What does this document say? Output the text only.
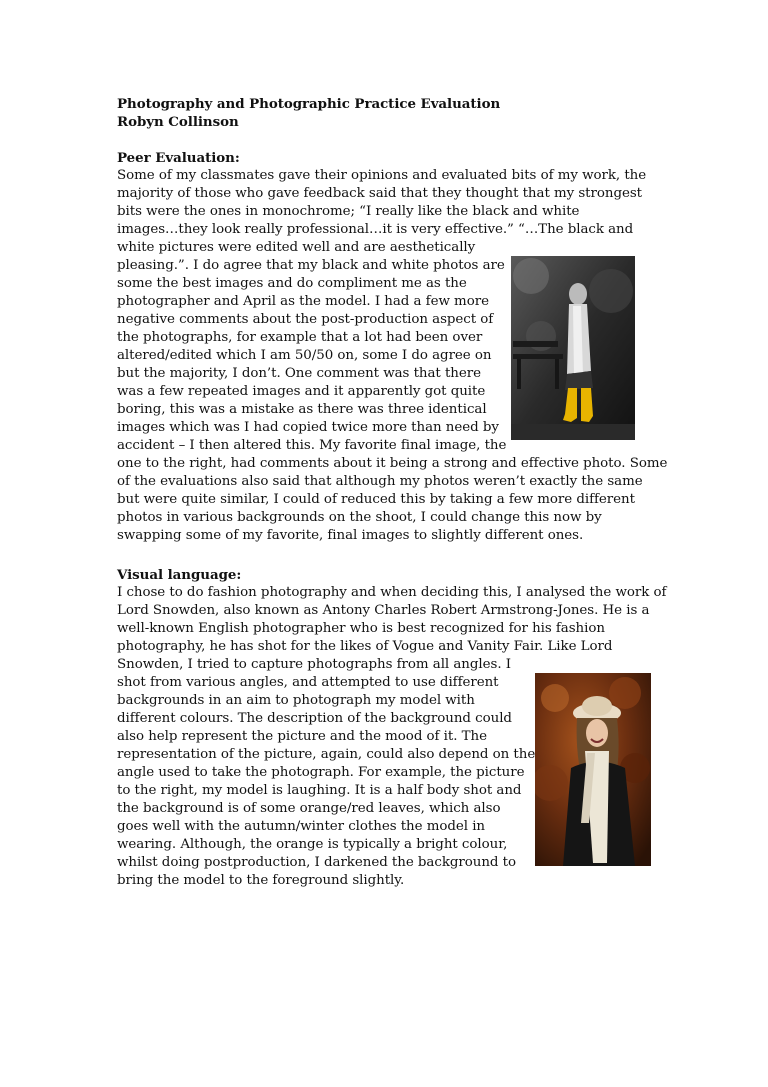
Photography and Photographic Practice Evaluation
Robyn Collinson
Peer Evaluation:
Some of my classmates gave their opinions and evaluated bits of my work, the
majority of those who gave feedback said that they thought that my strongest
bits were the ones in monochrome; “I really like the black and white
images…they look really professional…it is very effective.” “…The black and
white pictures were edited well and are aesthetically
pleasing.”. I do agree that my black and white photos are
some the best images and do compliment me as the
photographer and April as the model. I had a few more
negative comments about the post-production aspect of
the photographs, for example that a lot had been over
altered/edited which I am 50/50 on, some I do agree on
but the majority, I don’t. One comment was that there
was a few repeated images and it apparently got quite
boring, this was a mistake as there was three identical
images which was I had copied twice more than need by
accident – I then altered this. My favorite final image, the
one to the right, had comments about it being a strong and effective photo. Some
of the evaluations also said that although my photos weren’t exactly the same
but were quite similar, I could of reduced this by taking a few more different
photos in various backgrounds on the shoot, I could change this now by
swapping some of my favorite, final images to slightly different ones.
Visual language:
I chose to do fashion photography and when deciding this, I analysed the work of
Lord Snowden, also known as Antony Charles Robert Armstrong-Jones. He is a
well-known English photographer who is best recognized for his fashion
photography, he has shot for the likes of Vogue and Vanity Fair. Like Lord
Snowden, I tried to capture photographs from all angles. I
shot from various angles, and attempted to use different
backgrounds in an aim to photograph my model with
different colours. The description of the background could
also help represent the picture and the mood of it. The
representation of the picture, again, could also depend on the
angle used to take the photograph. For example, the picture
to the right, my model is laughing. It is a half body shot and
the background is of some orange/red leaves, which also
goes well with the autumn/winter clothes the model in
wearing. Although, the orange is typically a bright colour,
whilst doing postproduction, I darkened the background to
bring the model to the foreground slightly.
